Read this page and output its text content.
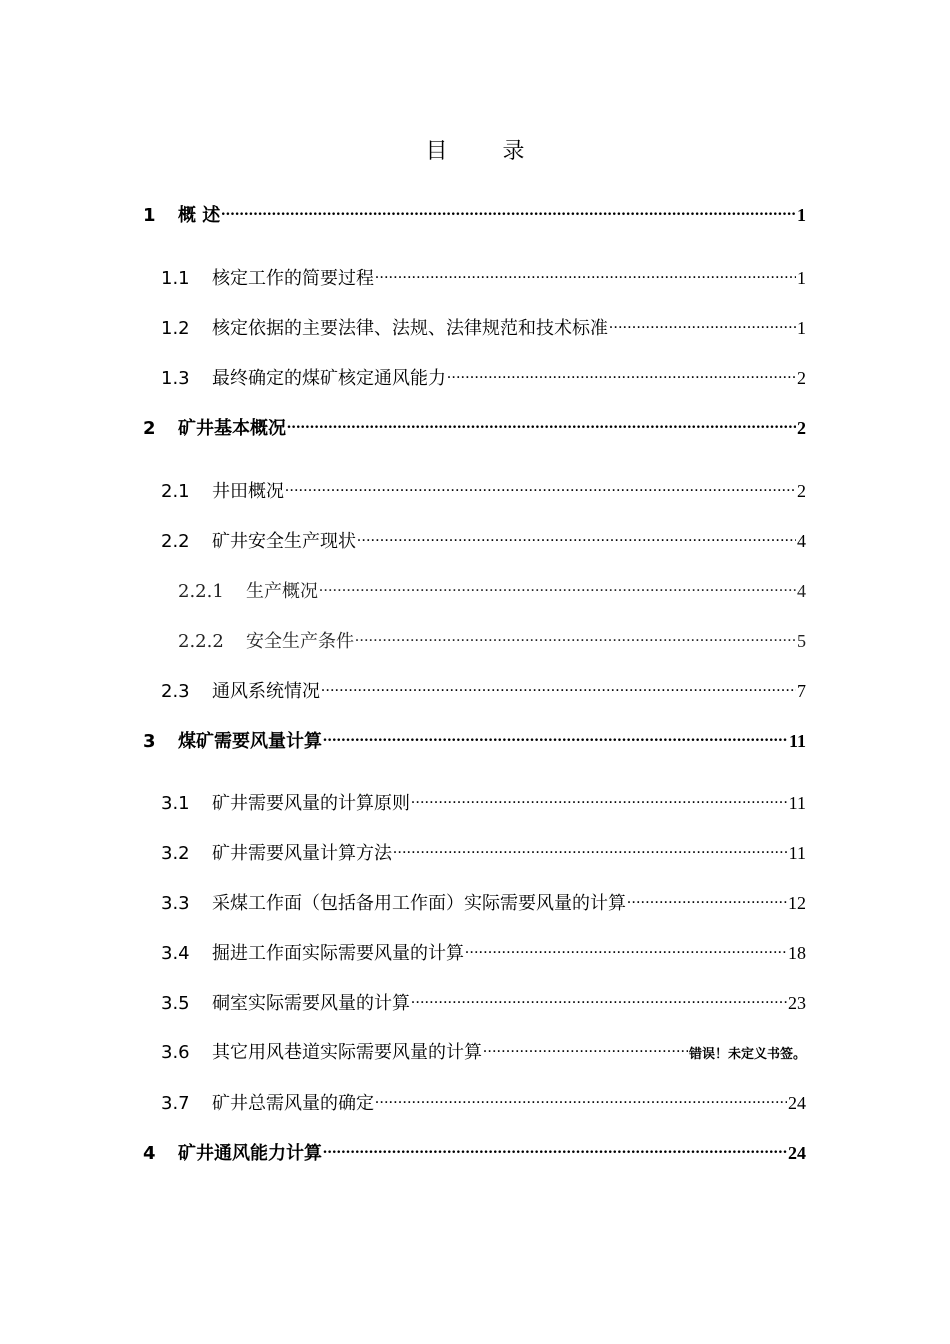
目 录
1	概 述 .....	1
1.1	核定工作的简要过程 .....	1
1.2	核定依据的主要法律、法规、法律规范和技术标准 .....	1
1.3	最终确定的煤矿核定通风能力 .....	2
2	矿井基本概况 .....	2
2.1	井田概况 .....	2
2.2	矿井安全生产现状 .....	4
2.2.1	生产概况 .....	4
2.2.2	安全生产条件 .....	5
2.3	通风系统情况 .....	7
3	煤矿需要风量计算 .....	11
3.1	矿井需要风量的计算原则 .....	11
3.2	矿井需要风量计算方法 .....	11
3.3	采煤工作面（包括备用工作面）实际需要风量的计算 .....	12
3.4	掘进工作面实际需要风量的计算 .....	18
3.5	硐室实际需要风量的计算 .....	23
3.6	其它用风巷道实际需要风量的计算 .....	错误！未定义书签。
3.7	矿井总需风量的确定 .....	24
4	矿井通风能力计算 .....	24
